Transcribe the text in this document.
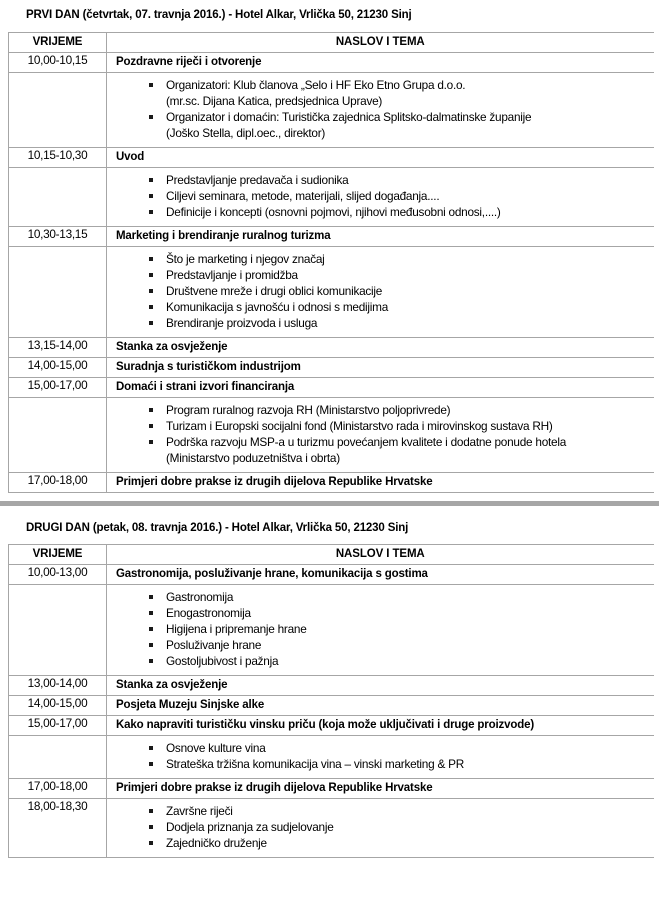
PRVI DAN (četvrtak, 07. travnja 2016.) - Hotel Alkar, Vrlička 50, 21230 Sinj
VRIJEME	NASLOV I TEMA
10,00-10,15	Pozdravne riječi i otvorenje

Organizatori: Klub članova „Selo i HF Eko Etno Grupa d.o.o.
(mr.sc. Dijana Katica, predsjednica Uprave)
Organizator i domaćin: Turistička zajednica Splitsko-dalmatinske županije
(Joško Stella, dipl.oec., direktor)

10,15-10,30	Uvod

Predstavljanje predavača i sudionika
Ciljevi seminara, metode, materijali, slijed događanja....
Definicije i koncepti (osnovni pojmovi, njihovi međusobni odnosi,....)

10,30-13,15	Marketing i brendiranje ruralnog turizma

Što je marketing i njegov značaj
Predstavljanje i promidžba
Društvene mreže i drugi oblici komunikacije
Komunikacija s javnošću i odnosi s medijima
Brendiranje proizvoda i usluga

13,15-14,00	Stanka za osvježenje

14,00-15,00	Suradnja s turističkom industrijom

15,00-17,00	Domaći i strani izvori financiranja

Program ruralnog razvoja RH (Ministarstvo poljoprivrede)
Turizam i Europski socijalni fond (Ministarstvo rada i mirovinskog sustava RH)
Podrška razvoju MSP-a u turizmu povećanjem kvalitete i dodatne ponude hotela
(Ministarstvo poduzetništva i obrta)

17,00-18,00	Primjeri dobre prakse iz drugih dijelova Republike Hrvatske
DRUGI DAN (petak, 08. travnja 2016.) - Hotel Alkar, Vrlička 50, 21230 Sinj
VRIJEME	NASLOV I TEMA
10,00-13,00	Gastronomija, posluživanje hrane, komunikacija s gostima

Gastronomija
Enogastronomija
Higijena i pripremanje hrane
Posluživanje hrane
Gostoljubivost i pažnja

13,00-14,00	Stanka za osvježenje

14,00-15,00	Posjeta Muzeju Sinjske alke

15,00-17,00	Kako napraviti turističku vinsku priču (koja može uključivati i druge proizvode)

Osnove kulture vina
Strateška tržišna komunikacija vina – vinski marketing & PR

17,00-18,00	Primjeri dobre prakse iz drugih dijelova Republike Hrvatske

18,00-18,30	Završne riječi
Dodjela priznanja za sudjelovanje
Zajedničko druženje
